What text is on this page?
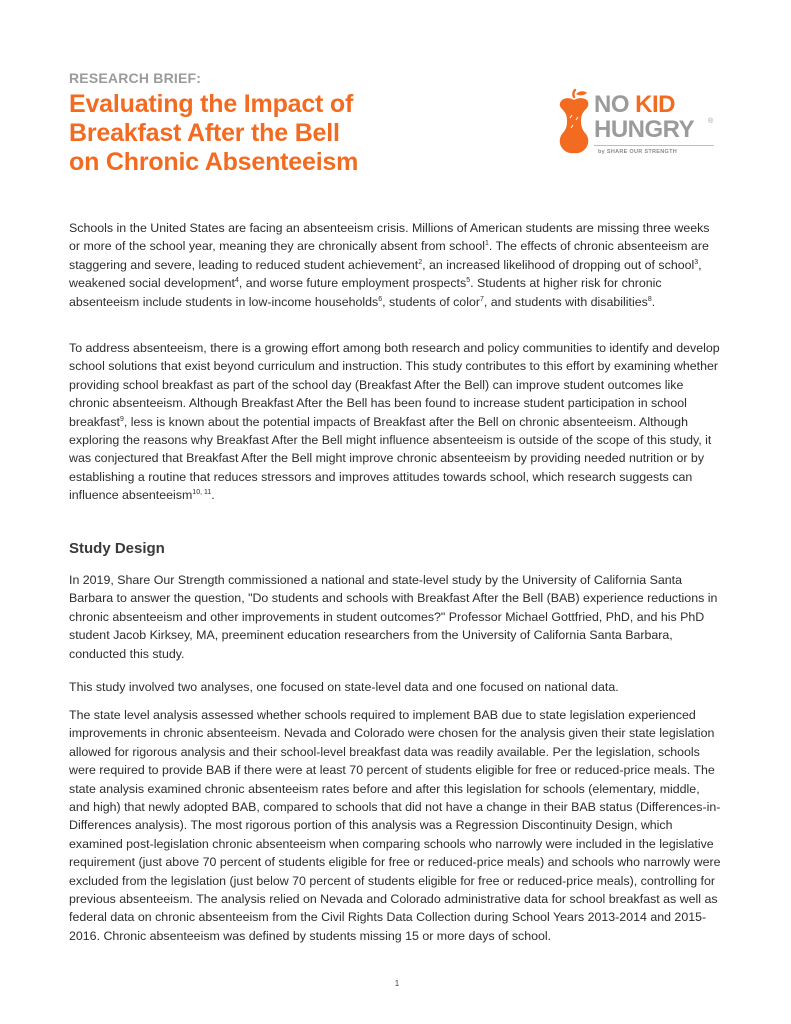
RESEARCH BRIEF:
Evaluating the Impact of
Breakfast After the Bell
on Chronic Absenteeism
NO KID
HUNGRY ®
by SHARE OUR STRENGTH

Schools in the United States are facing an absenteeism crisis. Millions of American students are missing three weeks or more of the school year, meaning they are chronically absent from school$^1$. The effects of chronic absenteeism are staggering and severe, leading to reduced student achievement$^2$, an increased likelihood of dropping out of school$^3$, weakened social development$^4$, and worse future employment prospects$^5$. Students at higher risk for chronic absenteeism include students in low-income households$^6$, students of color$^7$, and students with disabilities$^8$.

To address absenteeism, there is a growing effort among both research and policy communities to identify and develop school solutions that exist beyond curriculum and instruction. This study contributes to this effort by examining whether providing school breakfast as part of the school day (Breakfast After the Bell) can improve student outcomes like chronic absenteeism. Although Breakfast After the Bell has been found to increase student participation in school breakfast$^9$, less is known about the potential impacts of Breakfast after the Bell on chronic absenteeism. Although exploring the reasons why Breakfast After the Bell might influence absenteeism is outside of the scope of this study, it was conjectured that Breakfast After the Bell might improve chronic absenteeism by providing needed nutrition or by establishing a routine that reduces stressors and improves attitudes towards school, which research suggests can influence absenteeism$^{10, 11}$.

Study Design

In 2019, Share Our Strength commissioned a national and state-level study by the University of California Santa Barbara to answer the question, "Do students and schools with Breakfast After the Bell (BAB) experience reductions in chronic absenteeism and other improvements in student outcomes?" Professor Michael Gottfried, PhD, and his PhD student Jacob Kirksey, MA, preeminent education researchers from the University of California Santa Barbara, conducted this study.

This study involved two analyses, one focused on state-level data and one focused on national data.

The state level analysis assessed whether schools required to implement BAB due to state legislation experienced improvements in chronic absenteeism. Nevada and Colorado were chosen for the analysis given their state legislation allowed for rigorous analysis and their school-level breakfast data was readily available. Per the legislation, schools were required to provide BAB if there were at least 70 percent of students eligible for free or reduced-price meals. The state analysis examined chronic absenteeism rates before and after this legislation for schools (elementary, middle, and high) that newly adopted BAB, compared to schools that did not have a change in their BAB status (Differences-in-Differences analysis). The most rigorous portion of this analysis was a Regression Discontinuity Design, which examined post-legislation chronic absenteeism when comparing schools who narrowly were included in the legislative requirement (just above 70 percent of students eligible for free or reduced-price meals) and schools who narrowly were excluded from the legislation (just below 70 percent of students eligible for free or reduced-price meals), controlling for previous absenteeism. The analysis relied on Nevada and Colorado administrative data for school breakfast as well as federal data on chronic absenteeism from the Civil Rights Data Collection during School Years 2013-2014 and 2015-2016. Chronic absenteeism was defined by students missing 15 or more days of school.

1
